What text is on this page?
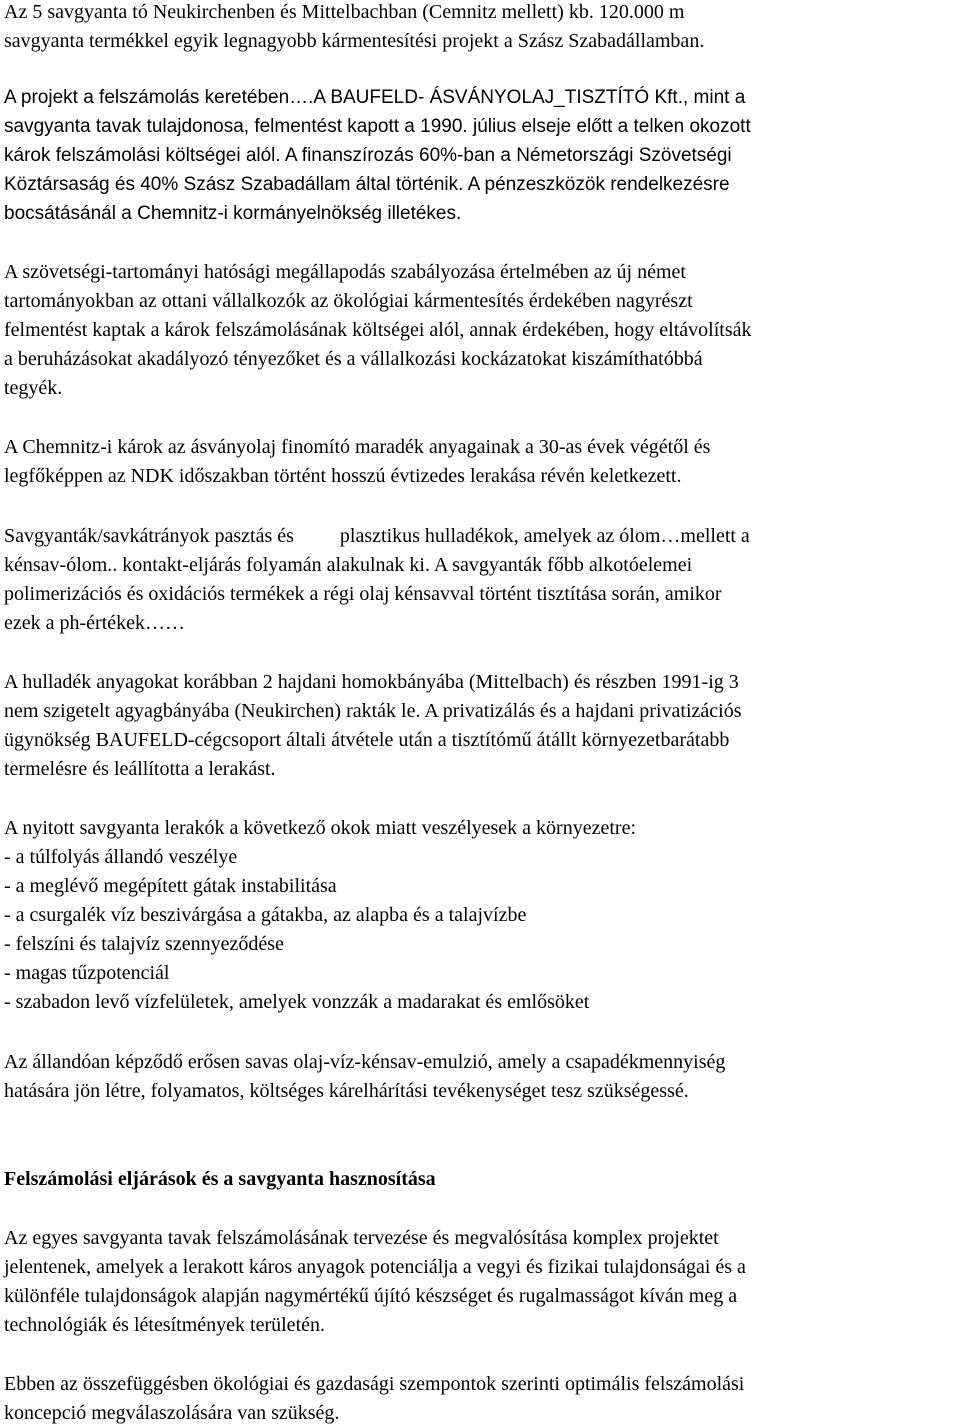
Az 5 savgyanta tó Neukirchenben és Mittelbachban (Cemnitz mellett) kb. 120.000 m
savgyanta termékkel egyik legnagyobb kármentesítési projekt a Szász Szabadállamban.
A projekt a felszámolás keretében….A BAUFELD- ÁSVÁNYOLAJ_TISZTÍTÓ Kft., mint a
savgyanta tavak tulajdonosa, felmentést kapott a 1990. július elseje előtt a telken okozott
károk felszámolási költségei alól. A finanszírozás 60%-ban a Németországi Szövetségi
Köztársaság és 40% Szász Szabadállam által történik. A pénzeszközök rendelkezésre
bocsátásánál a Chemnitz-i kormányelnökség illetékes.
A szövetségi-tartományi hatósági megállapodás szabályozása értelmében az új német
tartományokban az ottani vállalkozók az ökológiai kármentesítés érdekében nagyrészt
felmentést kaptak a károk felszámolásának költségei alól, annak érdekében, hogy eltávolítsák
a beruházásokat akadályozó tényezőket és a vállalkozási kockázatokat kiszámíthatóbbá
tegyék.
A Chemnitz-i károk az ásványolaj finomító maradék anyagainak a 30-as évek végétől és
legfőképpen az NDK időszakban történt hosszú évtizedes lerakása révén keletkezett.
Savgyanták/savkátrányok pasztás és plasztikus hulladékok, amelyek az ólom…mellett a
kénsav-ólom.. kontakt-eljárás folyamán alakulnak ki. A savgyanták főbb alkotóelemei
polimerizációs és oxidációs termékek a régi olaj kénsavval történt tisztítása során, amikor
ezek a ph-értékek……
A hulladék anyagokat korábban 2 hajdani homokbányába (Mittelbach) és részben 1991-ig 3
nem szigetelt agyagbányába (Neukirchen) rakták le. A privatizálás és a hajdani privatizációs
ügynökség BAUFELD-cégcsoport általi átvétele után a tisztítómű átállt környezetbarátabb
termelésre és leállította a lerakást.
A nyitott savgyanta lerakók a következő okok miatt veszélyesek a környezetre:
- a túlfolyás állandó veszélye
- a meglévő megépített gátak instabilitása
- a csurgalék víz beszivárgása a gátakba, az alapba és a talajvízbe
- felszíni és talajvíz szennyeződése
- magas tűzpotenciál
- szabadon levő vízfelületek, amelyek vonzzák a madarakat és emlősöket
Az állandóan képződő erősen savas olaj-víz-kénsav-emulzió, amely a csapadékmennyiség
hatására jön létre, folyamatos, költséges kárelhárítási tevékenységet tesz szükségessé.
Felszámolási eljárások és a savgyanta hasznosítása
Az egyes savgyanta tavak felszámolásának tervezése és megvalósítása komplex projektet
jelentenek, amelyek a lerakott káros anyagok potenciálja a vegyi és fizikai tulajdonságai és a
különféle tulajdonságok alapján nagymértékű újító készséget és rugalmasságot kíván meg a
technológiák és létesítmények területén.
Ebben az összefüggésben ökológiai és gazdasági szempontok szerinti optimális felszámolási
koncepció megválaszolására van szükség.
